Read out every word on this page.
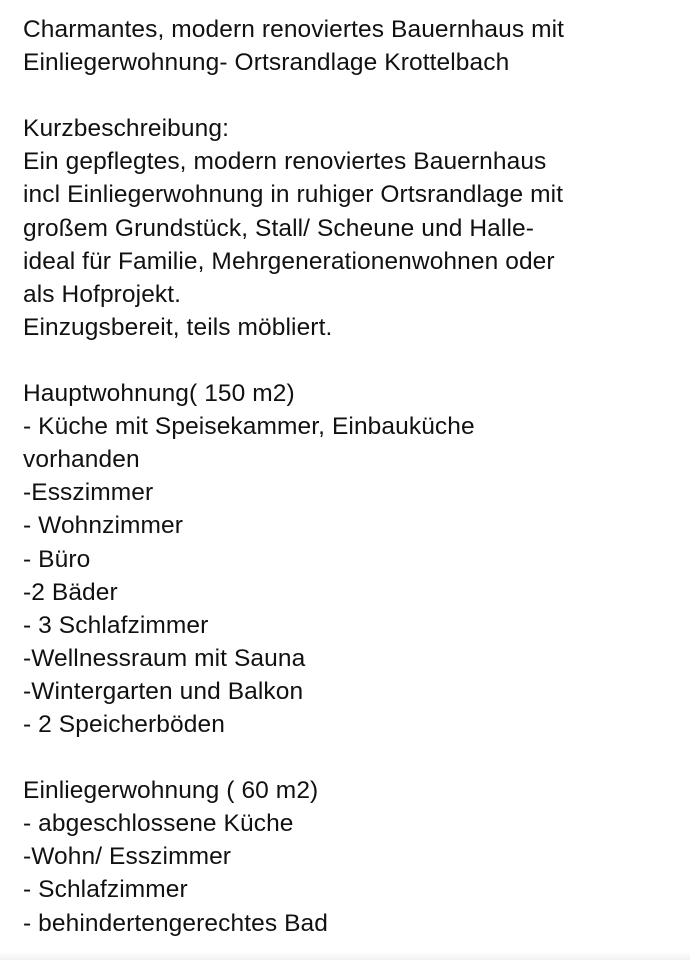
Charmantes, modern renoviertes Bauernhaus mit
Einliegerwohnung- Ortsrandlage Krottelbach
Kurzbeschreibung:
Ein gepflegtes, modern renoviertes Bauernhaus
incl Einliegerwohnung in ruhiger Ortsrandlage mit
großem Grundstück, Stall/ Scheune und Halle-
ideal für Familie, Mehrgenerationenwohnen oder
als Hofprojekt.
Einzugsbereit, teils möbliert.
Hauptwohnung( 150 m2)
- Küche mit Speisekammer, Einbauküche
vorhanden
-Esszimmer
- Wohnzimmer
- Büro
-2 Bäder
- 3 Schlafzimmer
-Wellnessraum mit Sauna
-Wintergarten und Balkon
- 2 Speicherböden
Einliegerwohnung ( 60 m2)
- abgeschlossene Küche
-Wohn/ Esszimmer
- Schlafzimmer
- behindertengerechtes Bad
